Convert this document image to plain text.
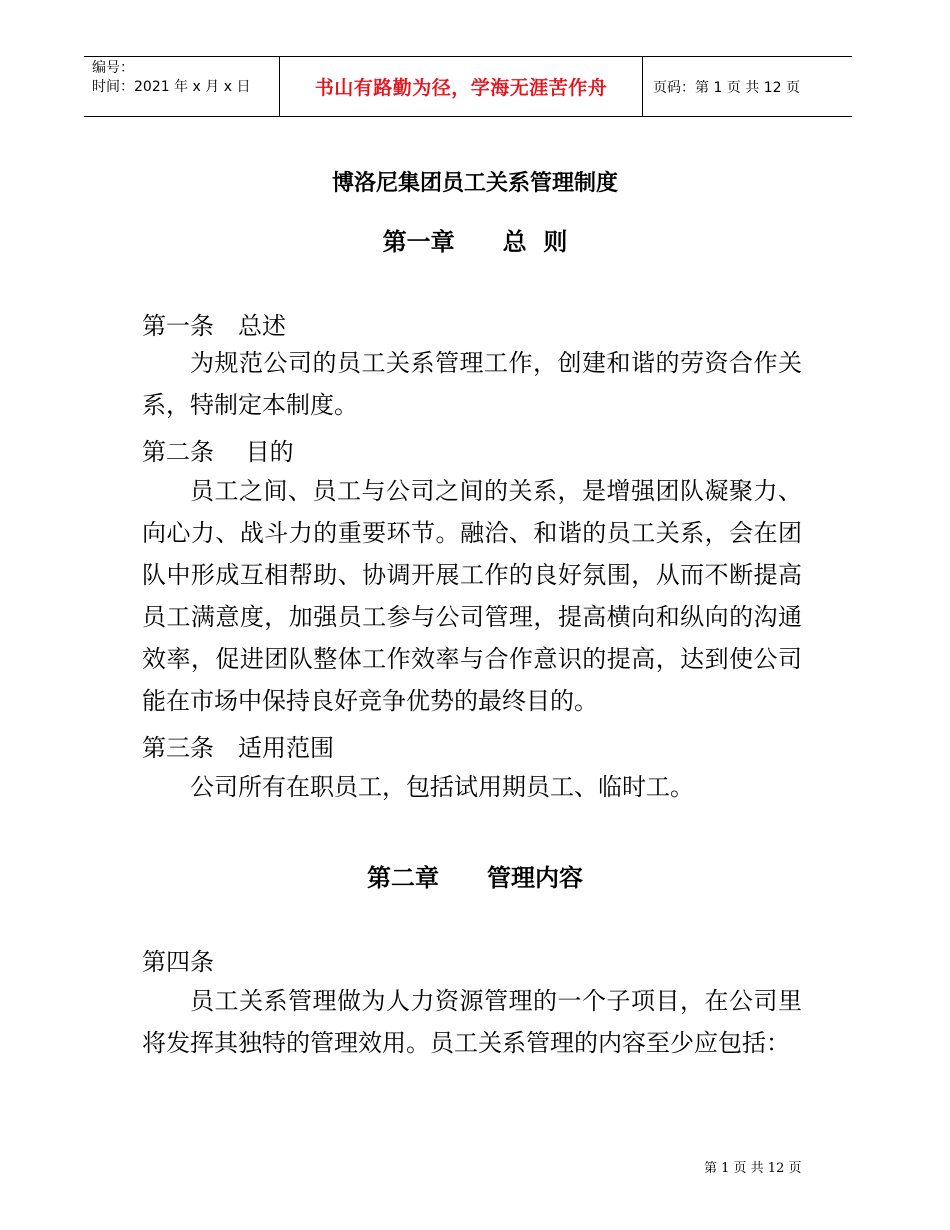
编号：
时间：2021 年 x 月 x 日	书山有路勤为径，学海无涯苦作舟	页码：第 1 页 共 12 页
博洛尼集团员工关系管理制度
第一章　　总  则
第一条　总述
为规范公司的员工关系管理工作，创建和谐的劳资合作关系，特制定本制度。
第二条　 目的
员工之间、员工与公司之间的关系，是增强团队凝聚力、向心力、战斗力的重要环节。融洽、和谐的员工关系，会在团队中形成互相帮助、协调开展工作的良好氛围，从而不断提高员工满意度，加强员工参与公司管理，提高横向和纵向的沟通效率，促进团队整体工作效率与合作意识的提高，达到使公司能在市场中保持良好竞争优势的最终目的。
第三条　适用范围
公司所有在职员工，包括试用期员工、临时工。
第二章　　管理内容
第四条
员工关系管理做为人力资源管理的一个子项目，在公司里将发挥其独特的管理效用。员工关系管理的内容至少应包括：
第 1 页 共 12 页
